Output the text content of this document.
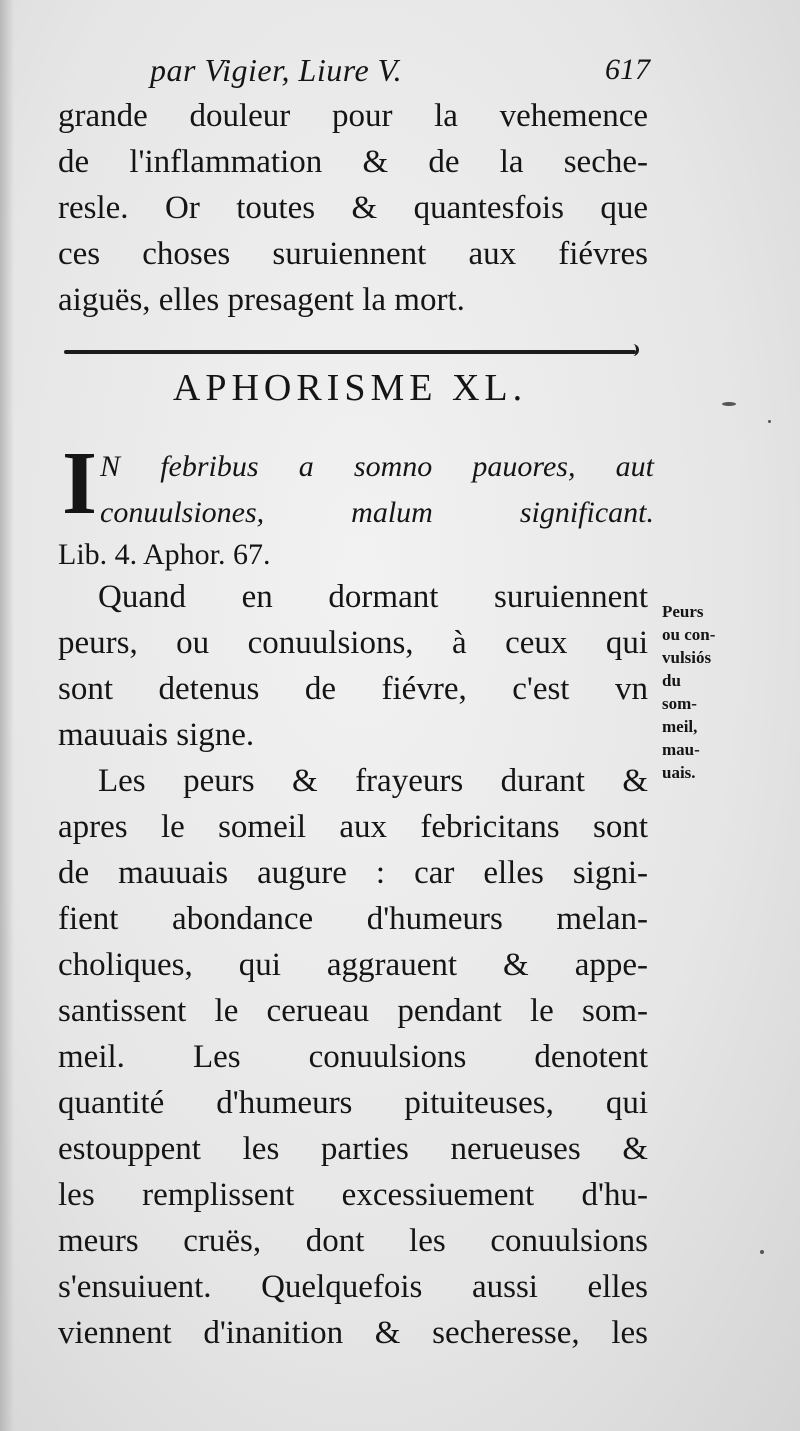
par Vigier, Liure V.	617
grande douleur pour la vehemence
de l'inflammation & de la seche-
resle. Or toutes & quantesfois que
ces choses suruiennent aux fiévres
aiguës, elles presagent la mort.
APHORISME XL.
I N febribus a somno pauores, aut
conuulsiones, malum significant.
Lib. 4. Aphor. 67.
Quand en dormant suruiennent
peurs, ou conuulsions, à ceux qui
sont detenus de fiévre, c'est vn
mauuais signe.
Les peurs & frayeurs durant &
apres le someil aux febricitans sont
de mauuais augure : car elles signi-
fient abondance d'humeurs melan-
choliques, qui aggrauent & appe-
santissent le cerueau pendant le som-
meil. Les conuulsions denotent
quantité d'humeurs pituiteuses, qui
estouppent les parties nerueuses &
les remplissent excessiuement d'hu-
meurs cruës, dont les conuulsions
s'ensuiuent. Quelquefois aussi elles
viennent d'inanition & secheresse, les
Peurs
ou con-
vulsiós
du
som-
meil,
mau-
uais.
